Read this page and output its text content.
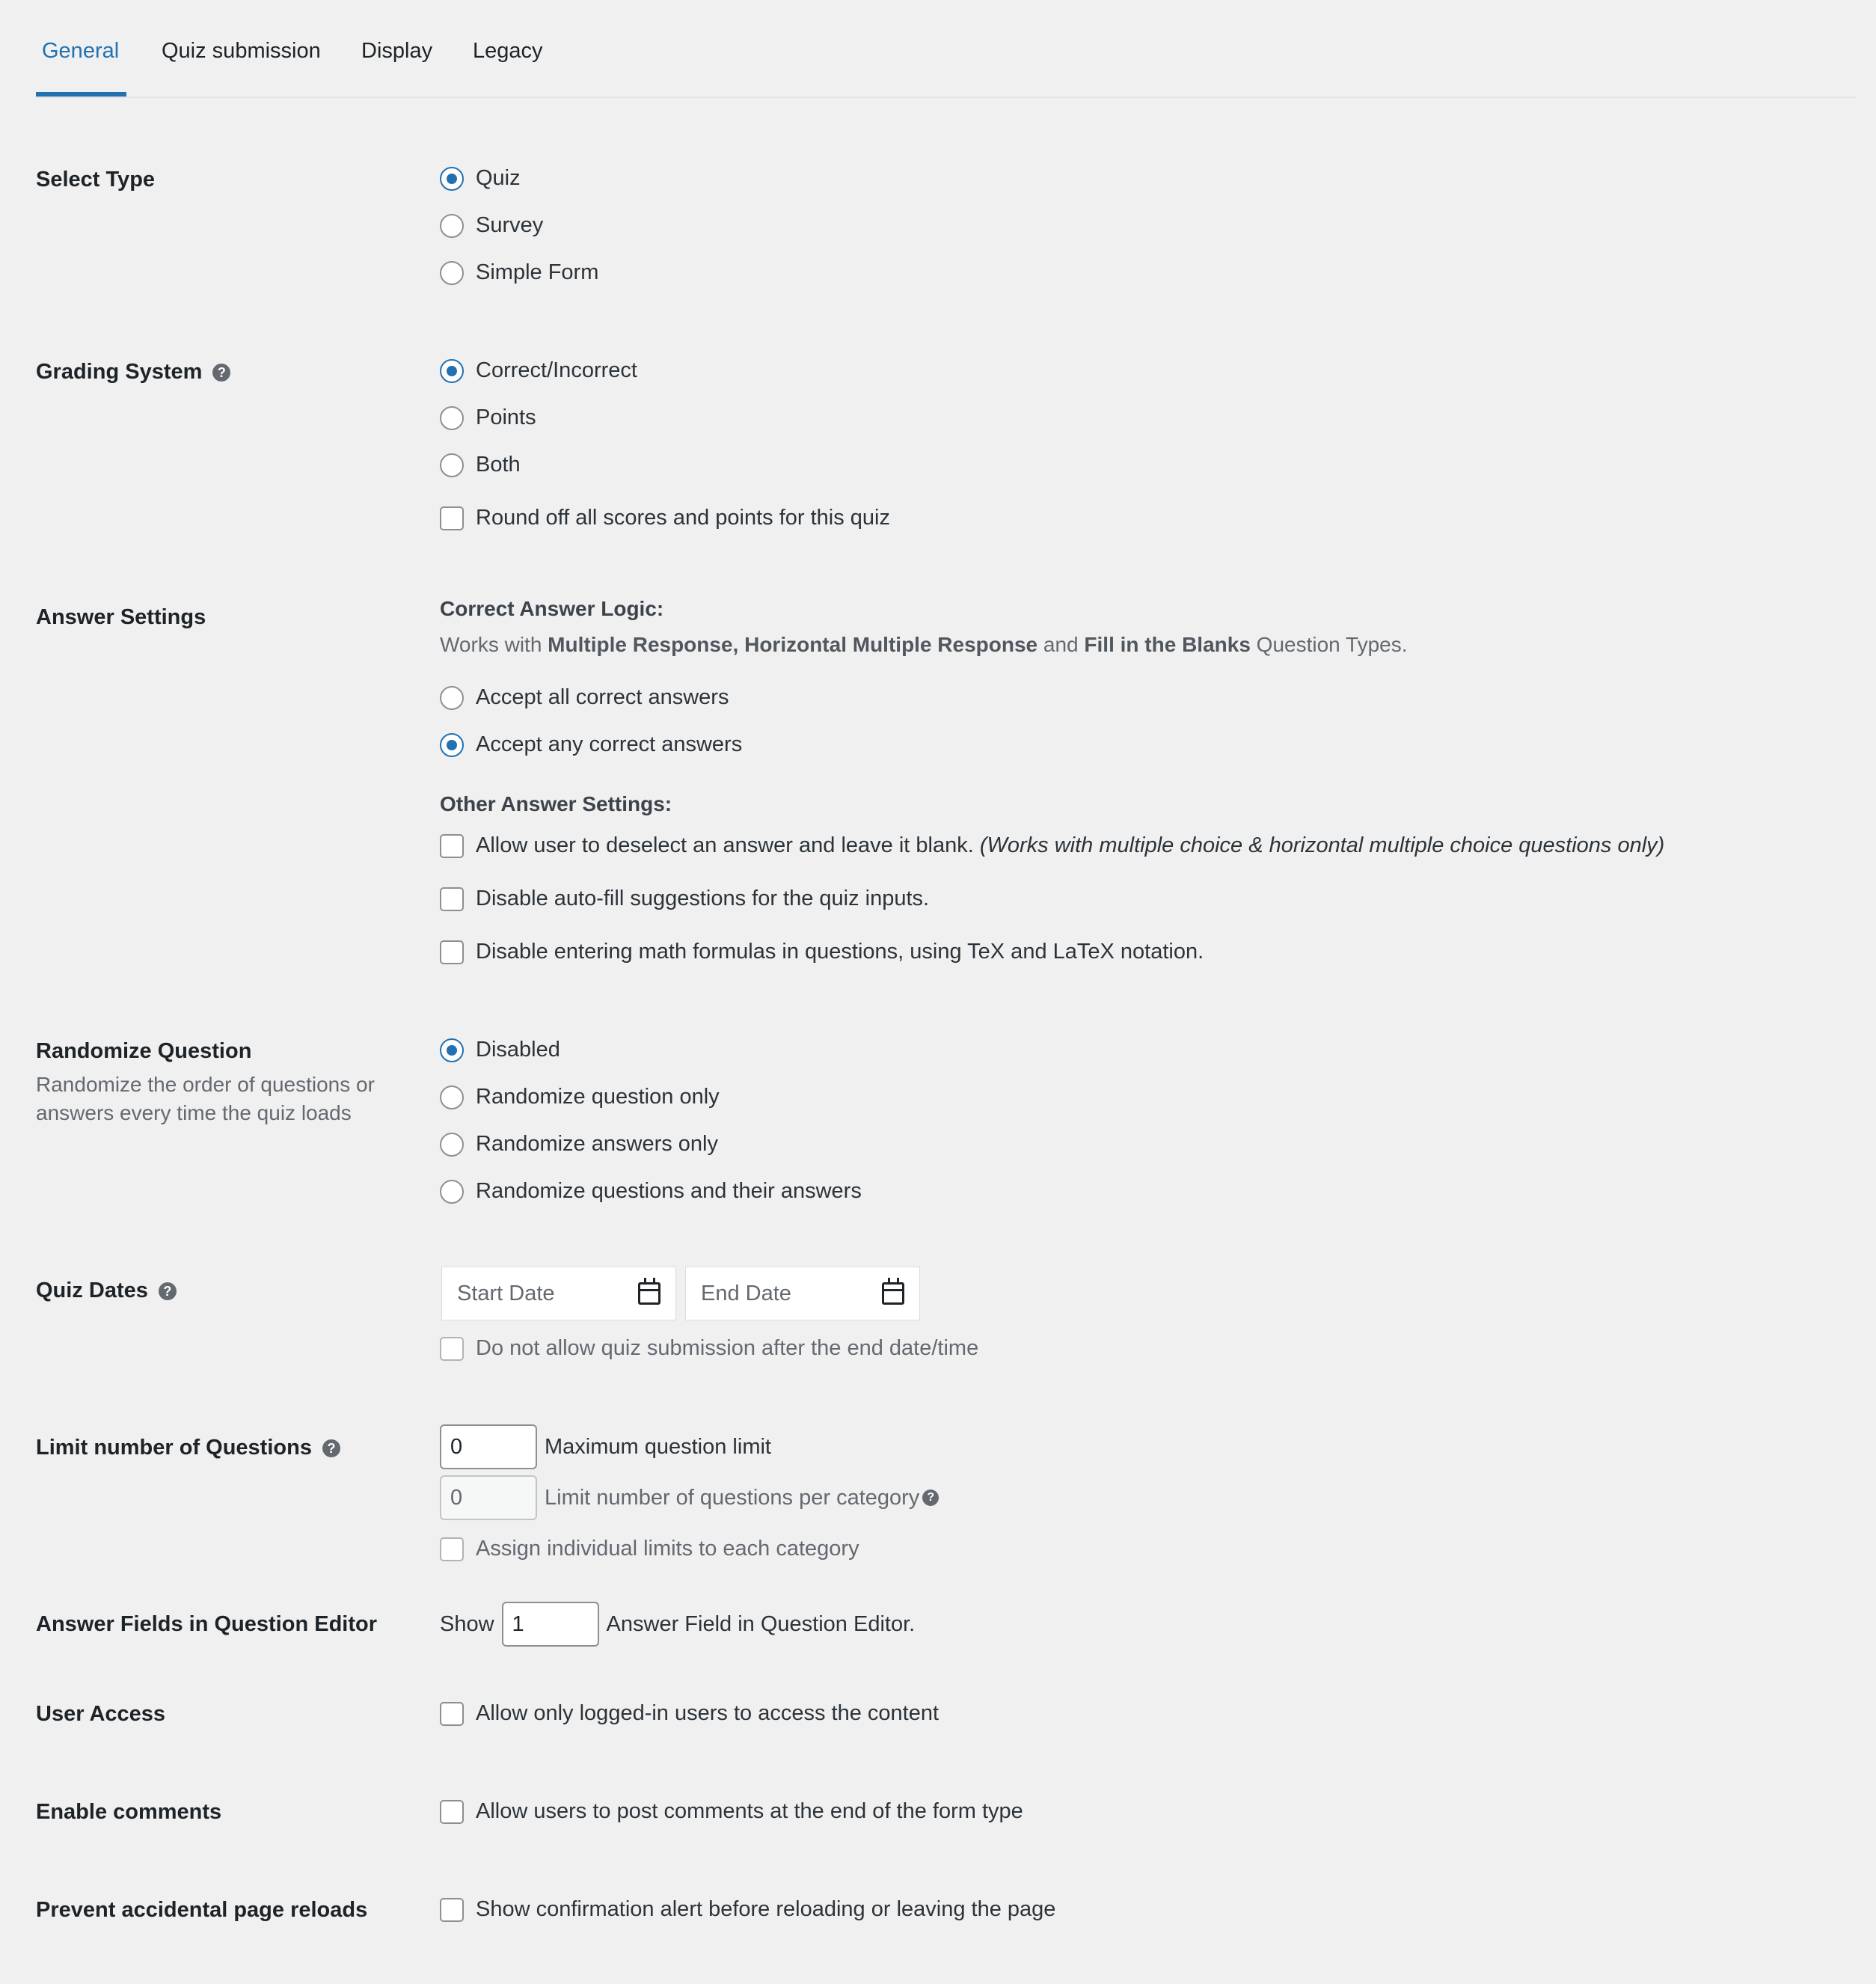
General Quiz submission Display Legacy
Select Type	Quiz
Survey
Simple Form
Grading System ?	Correct/Incorrect
Points
Both
Round off all scores and points for this quiz
Answer Settings	Correct Answer Logic:
Works with Multiple Response, Horizontal Multiple Response and Fill in the Blanks Question Types.
Accept all correct answers
Accept any correct answers
Other Answer Settings:
Allow user to deselect an answer and leave it blank. (Works with multiple choice & horizontal multiple choice questions only)
Disable auto-fill suggestions for the quiz inputs.
Disable entering math formulas in questions, using TeX and LaTeX notation.
Randomize Question
Randomize the order of questions or answers every time the quiz loads
Disabled
Randomize question only
Randomize answers only
Randomize questions and their answers
Quiz Dates ?	Start Date	End Date
Do not allow quiz submission after the end date/time
Limit number of Questions ?	0	Maximum question limit
0	Limit number of questions per category ?
Assign individual limits to each category
Answer Fields in Question Editor	Show 1	Answer Field in Question Editor.
User Access	Allow only logged-in users to access the content
Enable comments	Allow users to post comments at the end of the form type
Prevent accidental page reloads	Show confirmation alert before reloading or leaving the page
